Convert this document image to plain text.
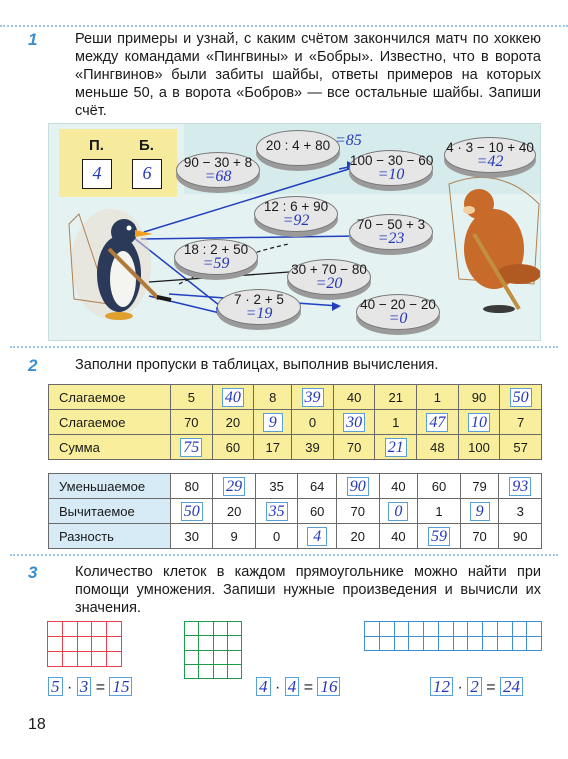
1	Реши примеры и узнай, с каким счётом закончился матч по хоккею между командами «Пингвины» и «Бобры». Известно, что в ворота «Пингвинов» были забиты шайбы, ответы примеров на которых меньше 50, а в ворота «Бобров» — все остальные шайбы. Запиши счёт.
П. Б.
4	6
90 − 30 + 8
=68
20 : 4 + 80 =85
100 − 30 − 60
=10
4 · 3 − 10 + 40
=42
12 : 6 + 90
=92	70 − 50 + 3
=23
18 : 2 + 50
=59	30 + 70 − 80
=20
7 · 2 + 5
=19
40 − 20 − 20
=0
2	Заполни пропуски в таблицах, выполнив вычисления.
Слагаемое	5	40	8	39	40	21	1	90	50
Слагаемое	70	20	9	0	30	1	47	10	7
Сумма	75	60	17	39	70	21	48	100	57
Уменьшаемое	80	29	35	64	90	40	60	79	93
Вычитаемое	50	20	35	60	70	0	1	9	3
Разность	30	9	0	4	20	40	59	70	90
3	Количество клеток в каждом прямоугольнике можно найти при помощи умножения. Запиши нужные произведения и вычисли их значения.
5 · 3 = 15	4 · 4 = 16	12 · 2 = 24
18
